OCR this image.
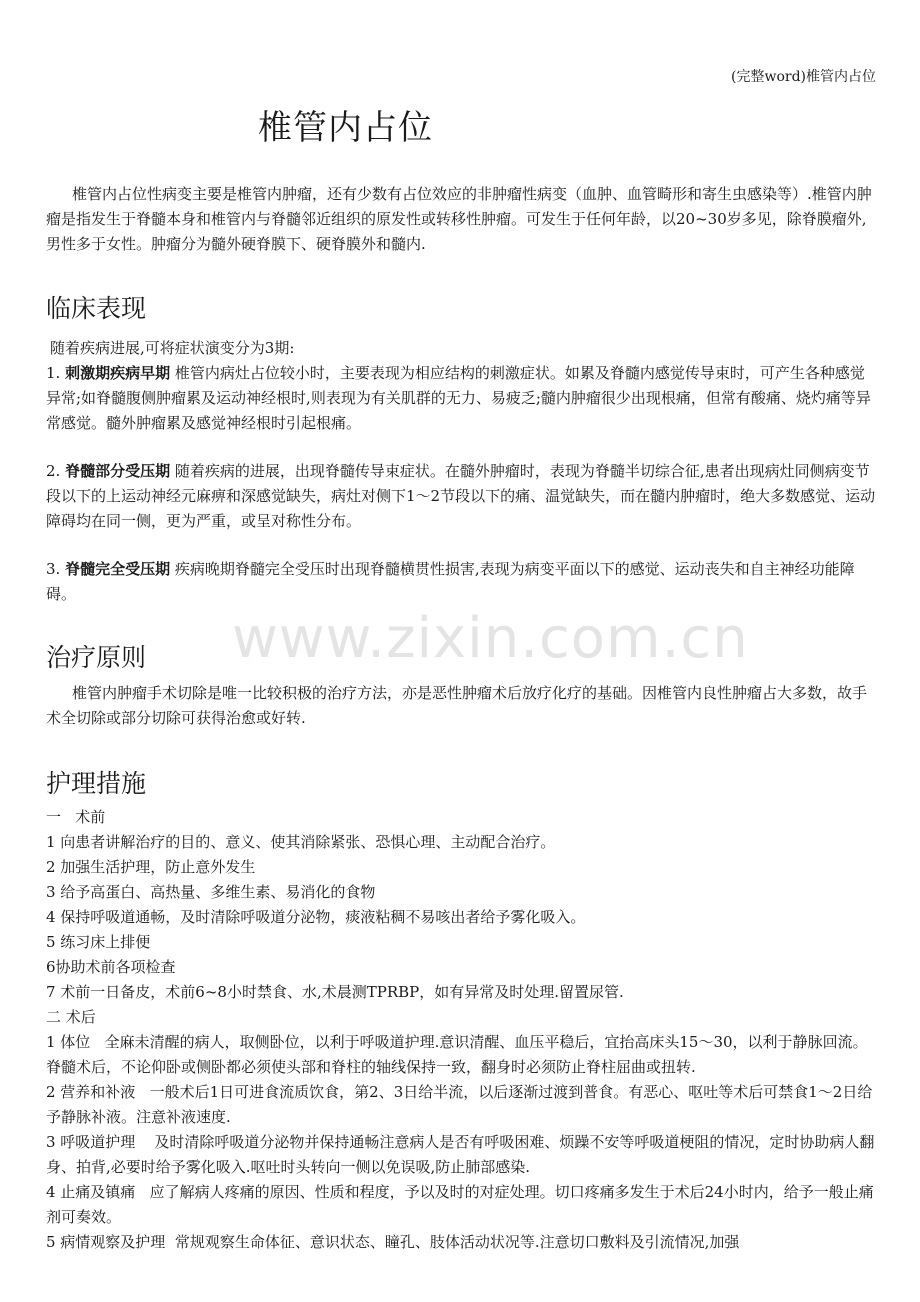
(完整word)椎管内占位
椎管内占位

椎管内占位性病变主要是椎管内肿瘤，还有少数有占位效应的非肿瘤性病变（血肿、血管畸形和寄生虫感染等）.椎管内肿瘤是指发生于脊髓本身和椎管内与脊髓邻近组织的原发性或转移性肿瘤。可发生于任何年龄，以20~30岁多见，除脊膜瘤外,男性多于女性。肿瘤分为髓外硬脊膜下、硬脊膜外和髓内.

临床表现

随着疾病进展,可将症状演变分为3期:

1. 刺激期疾病早期 椎管内病灶占位较小时，主要表现为相应结构的刺激症状。如累及脊髓内感觉传导束时，可产生各种感觉异常;如脊髓腹侧肿瘤累及运动神经根时,则表现为有关肌群的无力、易疲乏;髓内肿瘤很少出现根痛，但常有酸痛、烧灼痛等异常感觉。髓外肿瘤累及感觉神经根时引起根痛。

2. 脊髓部分受压期 随着疾病的进展，出现脊髓传导束症状。在髓外肿瘤时，表现为脊髓半切综合征,患者出现病灶同侧病变节段以下的上运动神经元麻痹和深感觉缺失，病灶对侧下1～2节段以下的痛、温觉缺失，而在髓内肿瘤时，绝大多数感觉、运动障碍均在同一侧，更为严重，或呈对称性分布。

3. 脊髓完全受压期 疾病晚期脊髓完全受压时出现脊髓横贯性损害,表现为病变平面以下的感觉、运动丧失和自主神经功能障碍。

治疗原则

椎管内肿瘤手术切除是唯一比较积极的治疗方法，亦是恶性肿瘤术后放疗化疗的基础。因椎管内良性肿瘤占大多数，故手术全切除或部分切除可获得治愈或好转.

护理措施

一   术前

1 向患者讲解治疗的目的、意义、使其消除紧张、恐惧心理、主动配合治疗。

2 加强生活护理，防止意外发生

3 给予高蛋白、高热量、多维生素、易消化的食物

4 保持呼吸道通畅，及时清除呼吸道分泌物，痰液粘稠不易咳出者给予雾化吸入。

5 练习床上排便

6协助术前各项检查

7 术前一日备皮，术前6~8小时禁食、水,术晨测TPRBP，如有异常及时处理.留置尿管.

二 术后

1 体位   全麻未清醒的病人，取侧卧位，以利于呼吸道护理.意识清醒、血压平稳后，宜抬高床头15～30，以利于静脉回流。脊髓术后，不论仰卧或侧卧都必须使头部和脊柱的轴线保持一致，翻身时必须防止脊柱屈曲或扭转.

2 营养和补液   一般术后1日可进食流质饮食，第2、3日给半流，以后逐渐过渡到普食。有恶心、呕吐等术后可禁食1～2日给予静脉补液。注意补液速度.

3 呼吸道护理    及时清除呼吸道分泌物并保持通畅注意病人是否有呼吸困难、烦躁不安等呼吸道梗阻的情况，定时协助病人翻身、拍背,必要时给予雾化吸入.呕吐时头转向一侧以免误吸,防止肺部感染.

4 止痛及镇痛   应了解病人疼痛的原因、性质和程度，予以及时的对症处理。切口疼痛多发生于术后24小时内，给予一般止痛剂可奏效。

5 病情观察及护理  常规观察生命体征、意识状态、瞳孔、肢体活动状况等.注意切口敷料及引流情况,加强

www.zixin.com.cn
